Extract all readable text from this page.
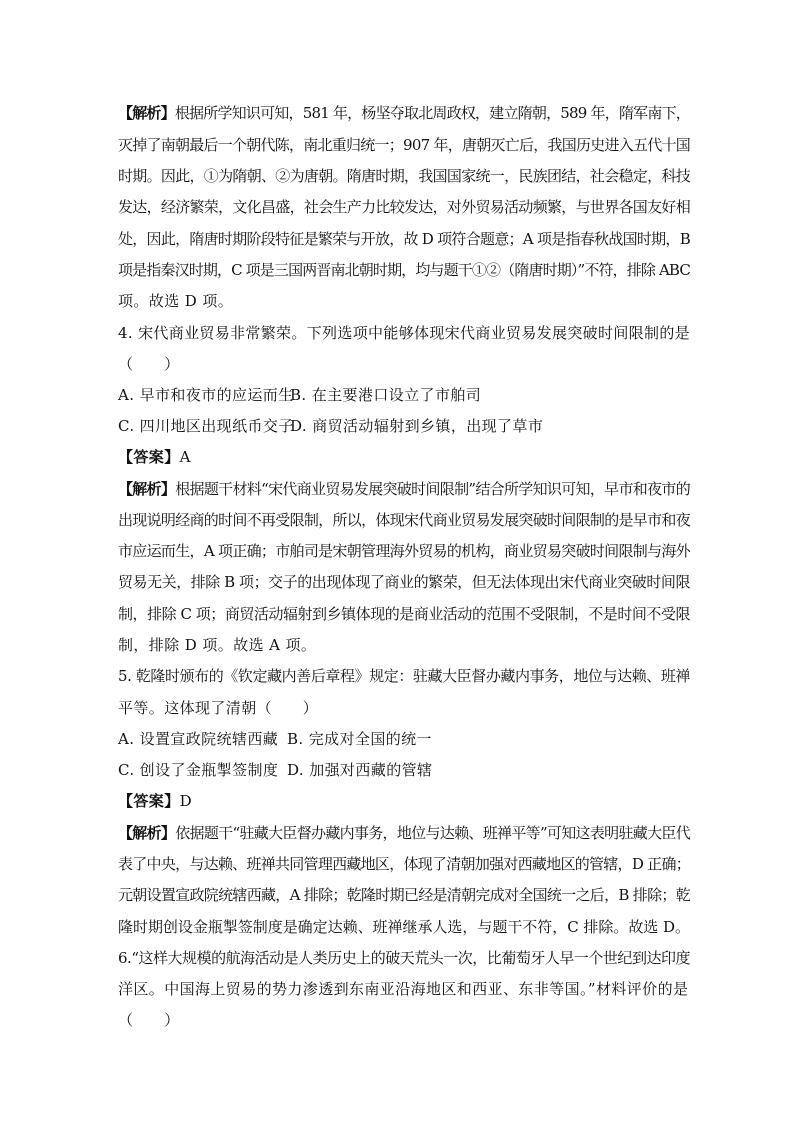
【解析】根据所学知识可知，581 年，杨坚夺取北周政权，建立隋朝，589 年，隋军南下，
灭掉了南朝最后一个朝代陈，南北重归统一；907 年，唐朝灭亡后，我国历史进入五代十国
时期。因此，①为隋朝、②为唐朝。隋唐时期，我国国家统一，民族团结，社会稳定，科技
发达，经济繁荣，文化昌盛，社会生产力比较发达，对外贸易活动频繁，与世界各国友好相
处，因此，隋唐时期阶段特征是繁荣与开放，故 D 项符合题意；A 项是指春秋战国时期，B
项是指秦汉时期，C 项是三国两晋南北朝时期，均与题干①②（隋唐时期）”不符，排除 ABC
项。故选 D 项。
4. 宋代商业贸易非常繁荣。下列选项中能够体现宋代商业贸易发展突破时间限制的是
（　　）
A. 早市和夜市的应运而生
B. 在主要港口设立了市舶司
C. 四川地区出现纸币交子
D. 商贸活动辐射到乡镇，出现了草市
【答案】A
【解析】根据题干材料“宋代商业贸易发展突破时间限制”结合所学知识可知，早市和夜市的
出现说明经商的时间不再受限制，所以，体现宋代商业贸易发展突破时间限制的是早市和夜
市应运而生，A 项正确；市舶司是宋朝管理海外贸易的机构，商业贸易突破时间限制与海外
贸易无关，排除 B 项；交子的出现体现了商业的繁荣，但无法体现出宋代商业突破时间限
制，排除 C 项；商贸活动辐射到乡镇体现的是商业活动的范围不受限制，不是时间不受限
制，排除 D 项。故选 A 项。
5. 乾隆时颁布的《钦定藏内善后章程》规定：驻藏大臣督办藏内事务，地位与达赖、班禅
平等。这体现了清朝（　　）
A. 设置宣政院统辖西藏 B. 完成对全国的统一
C. 创设了金瓶掣签制度 D. 加强对西藏的管辖
【答案】D
【解析】依据题干“驻藏大臣督办藏内事务，地位与达赖、班禅平等”可知这表明驻藏大臣代
表了中央，与达赖、班禅共同管理西藏地区，体现了清朝加强对西藏地区的管辖，D 正确；
元朝设置宣政院统辖西藏，A 排除；乾隆时期已经是清朝完成对全国统一之后，B 排除；乾
隆时期创设金瓶掣签制度是确定达赖、班禅继承人选，与题干不符，C 排除。故选 D。
6.“这样大规模的航海活动是人类历史上的破天荒头一次，比葡萄牙人早一个世纪到达印度
洋区。中国海上贸易的势力渗透到东南亚沿海地区和西亚、东非等国。”材料评价的是
（　　）
